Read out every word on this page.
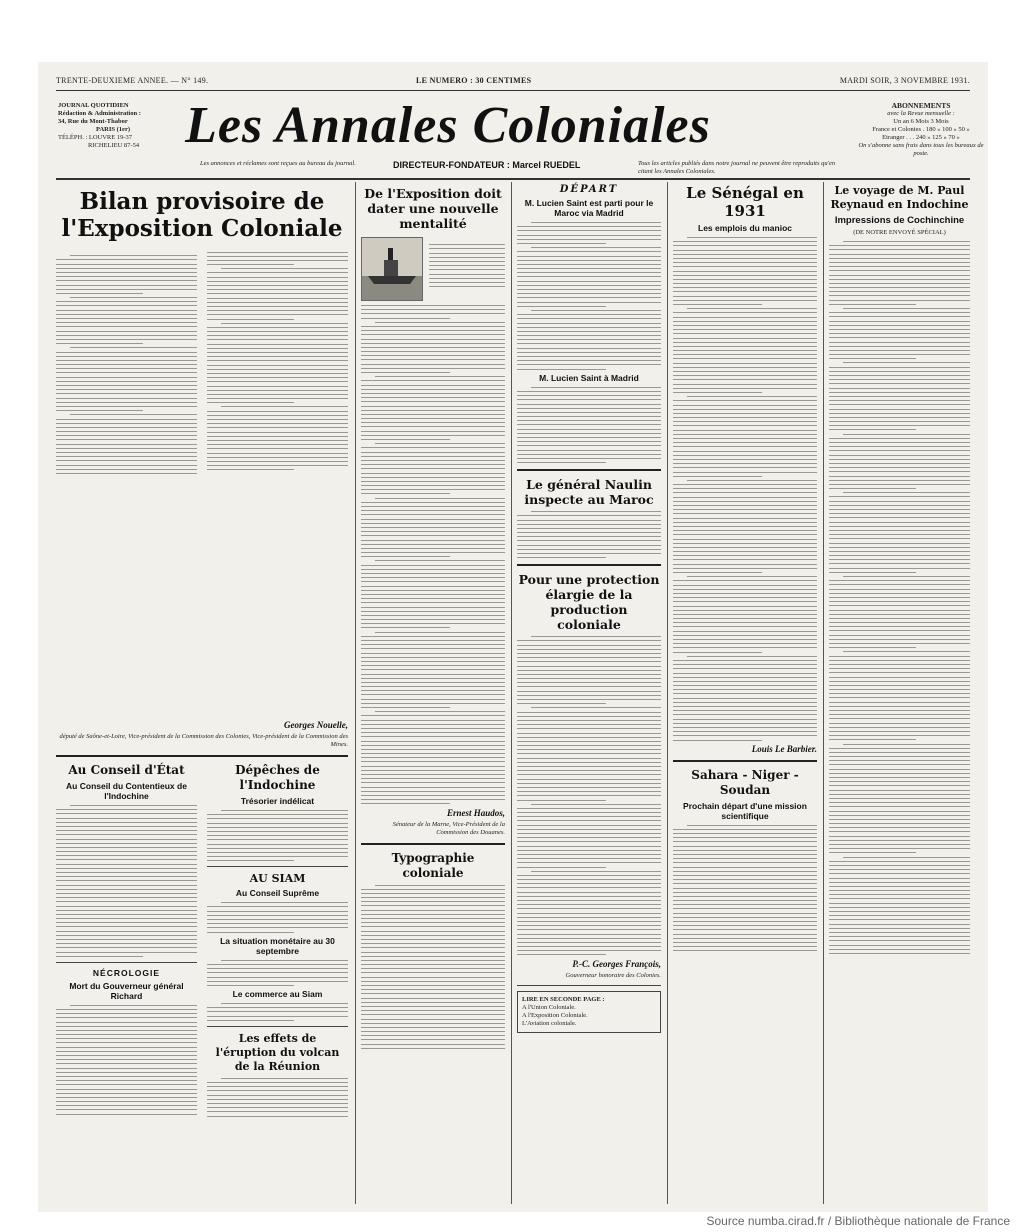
TRENTE-DEUXIEME ANNEE. — N° 149.	LE NUMERO : 30 CENTIMES	MARDI SOIR, 3 NOVEMBRE 1931.
JOURNAL QUOTIDIEN
Rédaction & Administration :
34, Rue du Mont-Thabor
PARIS (1er)
TÉLÉPH. : LOUVRE 19-37
RICHELIEU 87-54 Les Annales Coloniales	ABONNEMENTS
avec la Revue mensuelle :
Un an 6 Mois 3 Mois
France et Colonies . 180 » 100 » 50 »
Etranger . . . 240 » 125 » 70 »
On s'abonne sans frais dans tous les bureaux de poste.
Les annonces et réclames sont reçues au bureau du journal.	DIRECTEUR-FONDATEUR : Marcel RUEDEL	Tous les articles publiés dans notre journal ne peuvent être reproduits qu'en citant les Annales Coloniales.
Bilan provisoire de l'Exposition Coloniale
Georges Nouelle,
député de Saône-et-Loire, Vice-président de la Commission des Colonies, Vice-président de la Commission des Mines.
Au Conseil d'État
Au Conseil du Contentieux de l'Indochine
NÉCROLOGIE
Mort du Gouverneur général Richard
Dépêches de l'Indochine
Trésorier indélicat
AU SIAM
Au Conseil Suprême
La situation monétaire au 30 septembre
Le commerce au Siam
Les effets de l'éruption du volcan de la Réunion
De l'Exposition doit dater une nouvelle mentalité
Ernest Haudos,
Sénateur de la Marne, Vice-Président de la Commission des Douanes.
Typographie coloniale
DÉPART
M. Lucien Saint est parti pour le Maroc via Madrid
M. Lucien Saint à Madrid
Le général Naulin inspecte au Maroc
Pour une protection élargie de la production coloniale
P.-C. Georges François,
Gouverneur honoraire des Colonies.
LIRE EN SECONDE PAGE :
A l'Union Coloniale.
A l'Exposition Coloniale.
L'Aviation coloniale.
Le Sénégal en 1931
Les emplois du manioc
Louis Le Barbier.
Sahara - Niger - Soudan
Prochain départ d'une mission scientifique
Le voyage de M. Paul Reynaud en Indochine
Impressions de Cochinchine
(DE NOTRE ENVOYÉ SPÉCIAL)
Source numba.cirad.fr / Bibliothèque nationale de France
